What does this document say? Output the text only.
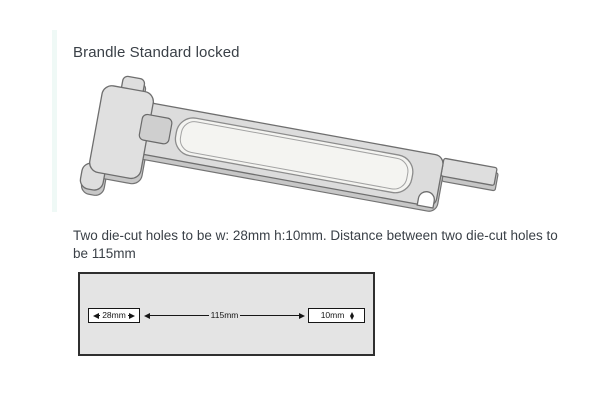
Brandle Standard locked

Two die-cut holes to be w: 28mm h:10mm. Distance between two die-cut holes to be 115mm

28mm	115mm	10mm
